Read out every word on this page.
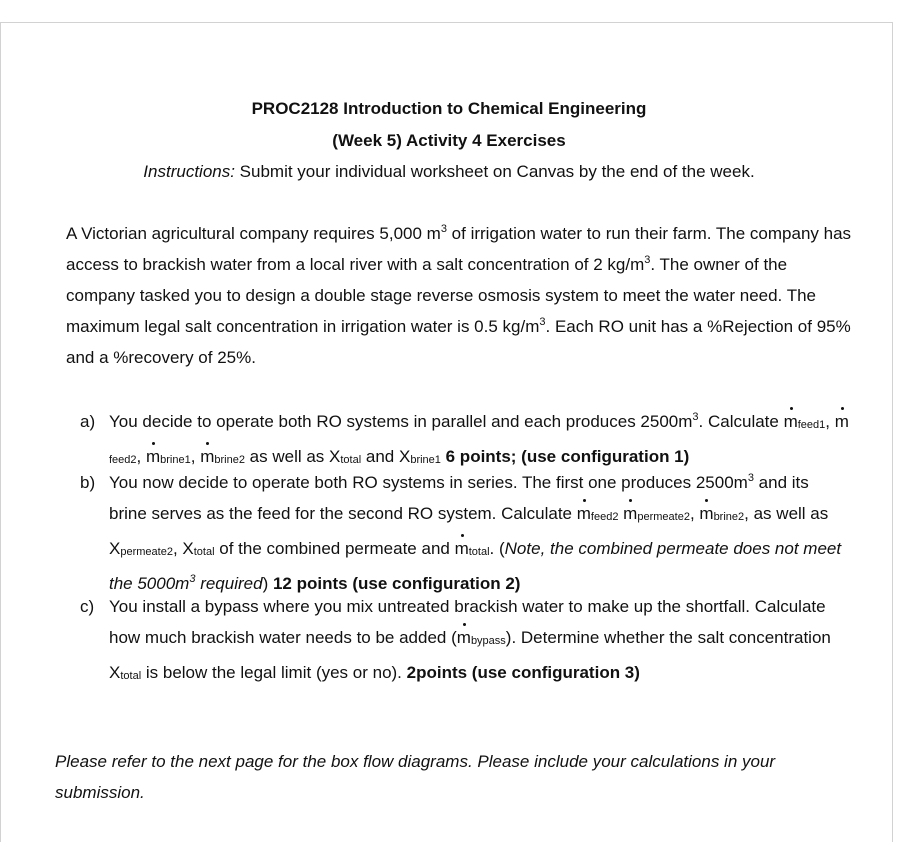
PROC2128 Introduction to Chemical Engineering
(Week 5) Activity 4 Exercises
Instructions: Submit your individual worksheet on Canvas by the end of the week.
A Victorian agricultural company requires 5,000 $m^3$ of irrigation water to run their farm. The company has access to brackish water from a local river with a salt concentration of 2 $kg/m^3$. The owner of the company tasked you to design a double stage reverse osmosis system to meet the water need. The maximum legal salt concentration in irrigation water is 0.5 $kg/m^3$. Each RO unit has a %Rejection of 95% and a %recovery of 25%.
a) You decide to operate both RO systems in parallel and each produces $2500m^3$. Calculate mfeed1, mfeed2, mbrine1, mbrine2 as well as Xtotal and Xbrine1 6 points; (use configuration 1)
b) You now decide to operate both RO systems in series. The first one produces $2500m^3$ and its brine serves as the feed for the second RO system. Calculate mfeed2 mpermeate2, mbrine2, as well as Xpermeate2, Xtotal of the combined permeate and mtotal. (Note, the combined permeate does not meet the $5000m^3$ required) 12 points (use configuration 2)
c) You install a bypass where you mix untreated brackish water to make up the shortfall. Calculate how much brackish water needs to be added (mbypass). Determine whether the salt concentration Xtotal is below the legal limit (yes or no). 2points (use configuration 3)
Please refer to the next page for the box flow diagrams. Please include your calculations in your submission.
